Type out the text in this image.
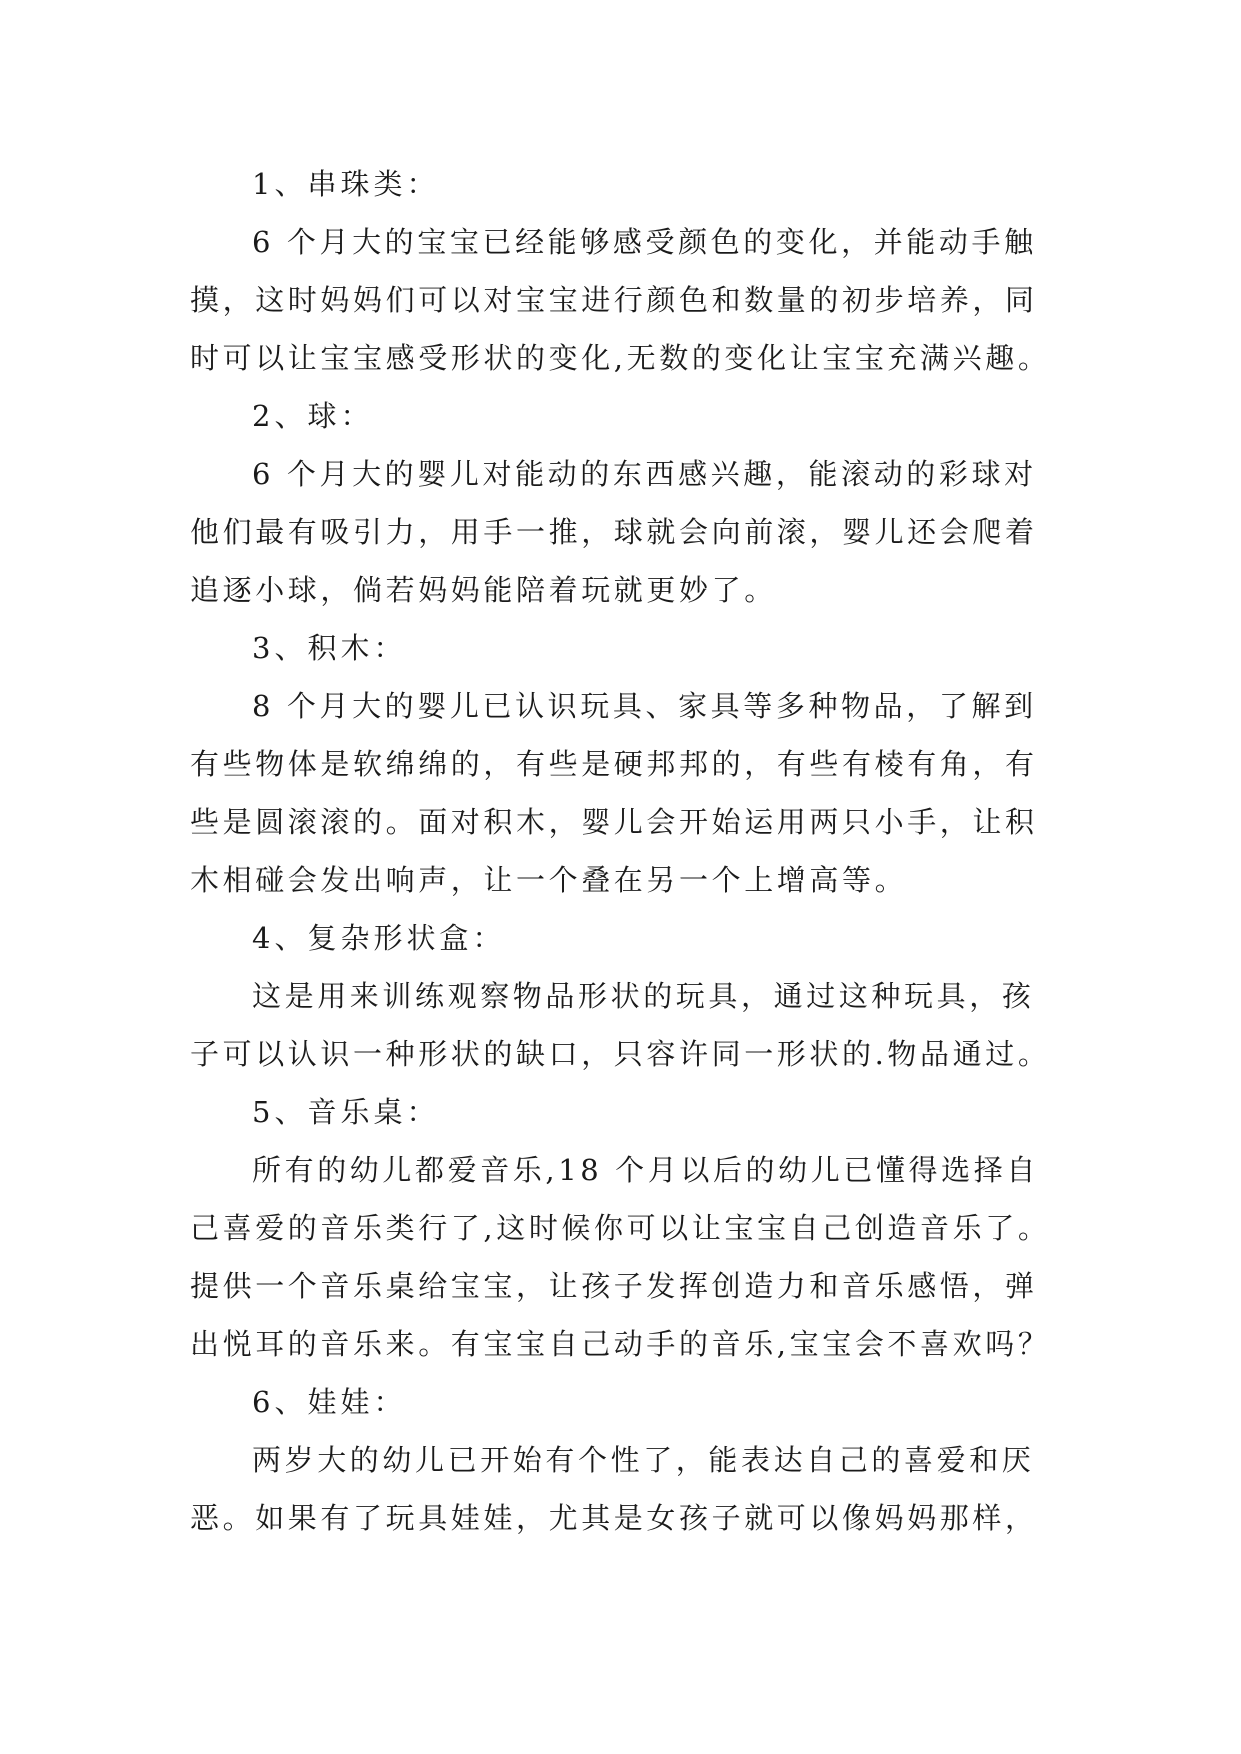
1、串珠类：
6 个月大的宝宝已经能够感受颜色的变化，并能动手触
摸，这时妈妈们可以对宝宝进行颜色和数量的初步培养，同
时可以让宝宝感受形状的变化,无数的变化让宝宝充满兴趣。
2、球：
6 个月大的婴儿对能动的东西感兴趣，能滚动的彩球对
他们最有吸引力，用手一推，球就会向前滚，婴儿还会爬着
追逐小球，倘若妈妈能陪着玩就更妙了。
3、积木：
8 个月大的婴儿已认识玩具、家具等多种物品，了解到
有些物体是软绵绵的，有些是硬邦邦的，有些有棱有角，有
些是圆滚滚的。面对积木，婴儿会开始运用两只小手，让积
木相碰会发出响声，让一个叠在另一个上增高等。
4、复杂形状盒：
这是用来训练观察物品形状的玩具，通过这种玩具，孩
子可以认识一种形状的缺口，只容许同一形状的.物品通过。
5、音乐桌：
所有的幼儿都爱音乐,18 个月以后的幼儿已懂得选择自
己喜爱的音乐类行了,这时候你可以让宝宝自己创造音乐了。
提供一个音乐桌给宝宝，让孩子发挥创造力和音乐感悟，弹
出悦耳的音乐来。有宝宝自己动手的音乐,宝宝会不喜欢吗？
6、娃娃：
两岁大的幼儿已开始有个性了，能表达自己的喜爱和厌
恶。如果有了玩具娃娃，尤其是女孩子就可以像妈妈那样，
